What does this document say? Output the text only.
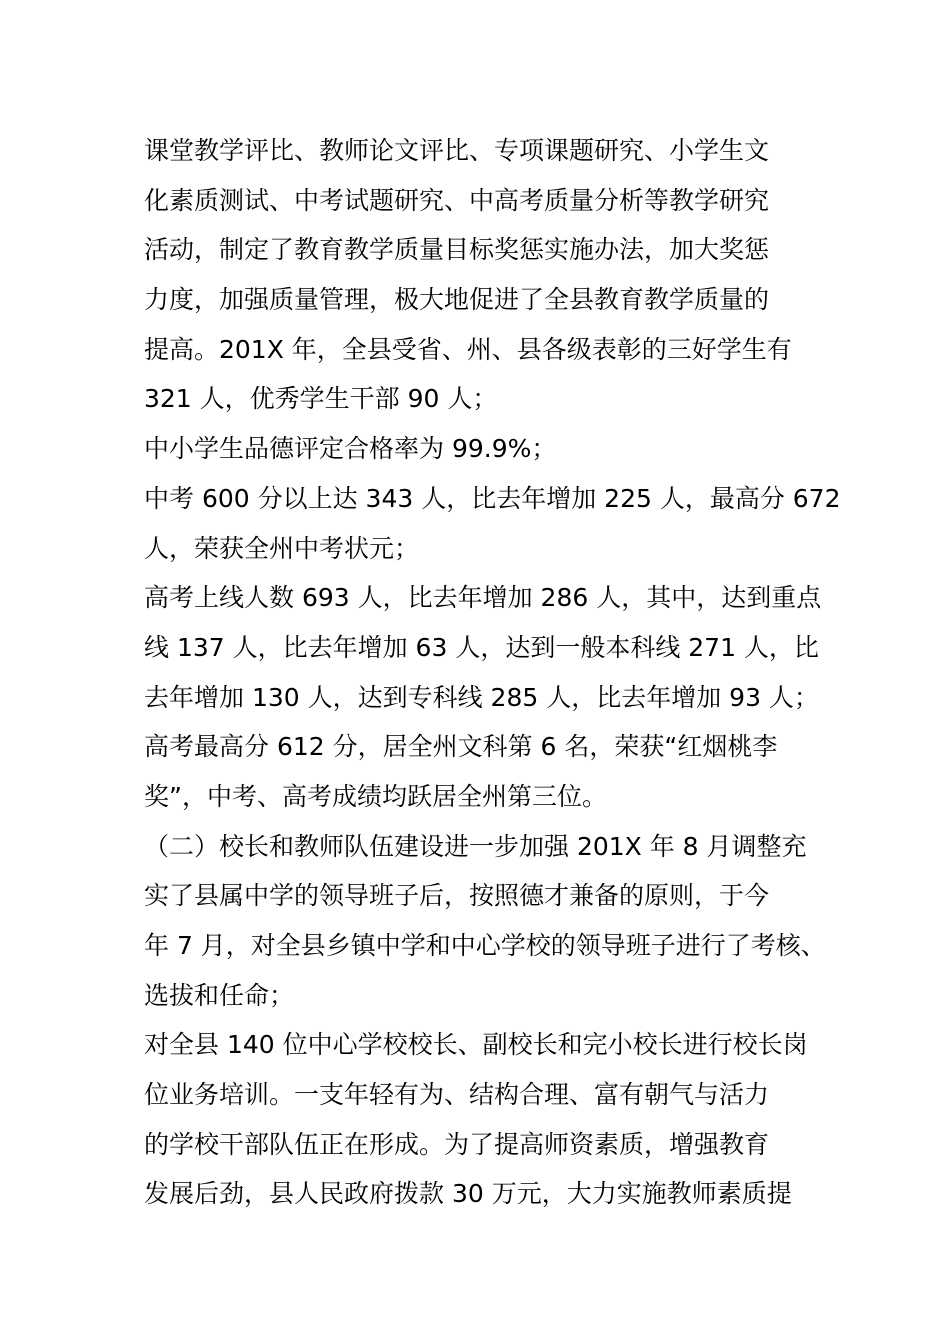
课堂教学评比、教师论文评比、专项课题研究、小学生文
化素质测试、中考试题研究、中高考质量分析等教学研究
活动，制定了教育教学质量目标奖惩实施办法，加大奖惩
力度，加强质量管理，极大地促进了全县教育教学质量的
提高。201X 年，全县受省、州、县各级表彰的三好学生有
321 人，优秀学生干部 90 人；
中小学生品德评定合格率为 99.9%；
中考 600 分以上达 343 人，比去年增加 225 人，最高分 672
人，荣获全州中考状元；
高考上线人数 693 人，比去年增加 286 人，其中，达到重点
线 137 人，比去年增加 63 人，达到一般本科线 271 人，比
去年增加 130 人，达到专科线 285 人，比去年增加 93 人；
高考最高分 612 分，居全州文科第 6 名，荣获“红烟桃李
奖”，中考、高考成绩均跃居全州第三位。
（二）校长和教师队伍建设进一步加强 201X 年 8 月调整充
实了县属中学的领导班子后，按照德才兼备的原则，于今
年 7 月，对全县乡镇中学和中心学校的领导班子进行了考核、
选拔和任命；
对全县 140 位中心学校校长、副校长和完小校长进行校长岗
位业务培训。一支年轻有为、结构合理、富有朝气与活力
的学校干部队伍正在形成。为了提高师资素质，增强教育
发展后劲，县人民政府拨款 30 万元，大力实施教师素质提
